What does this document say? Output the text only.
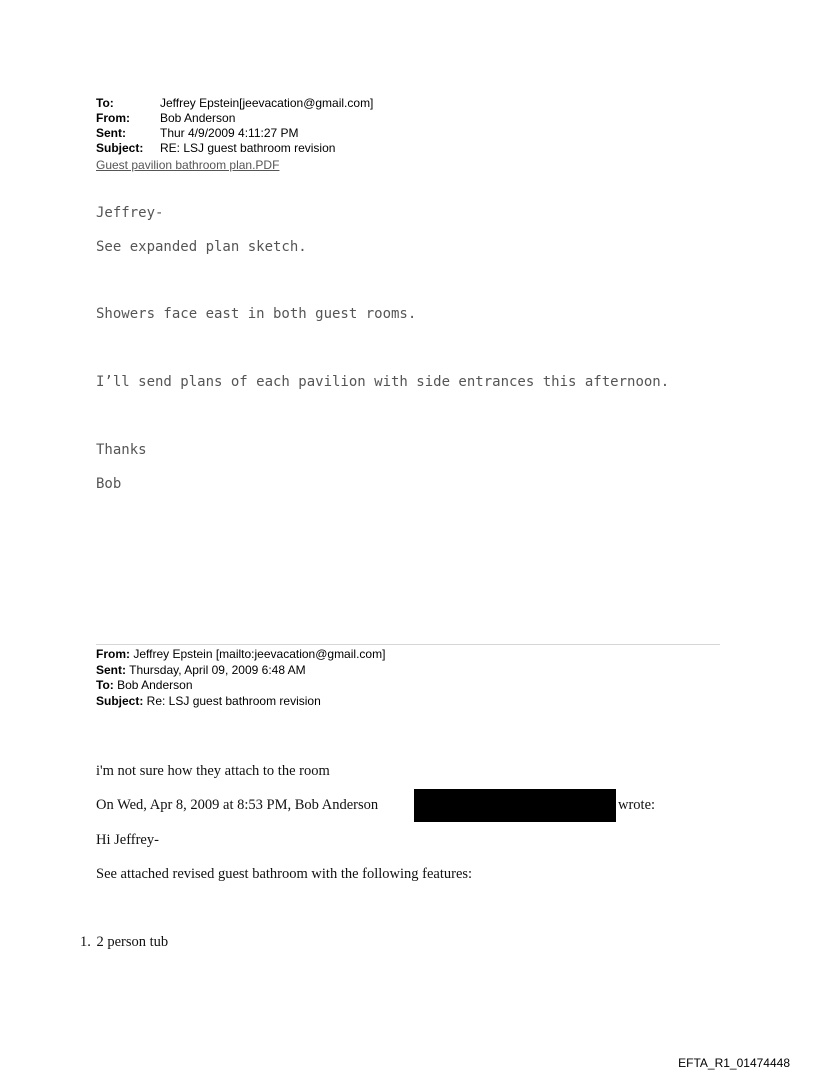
To:	Jeffrey Epstein[jeevacation@gmail.com]
From:	Bob Anderson
Sent:	Thur 4/9/2009 4:11:27 PM
Subject:	RE: LSJ guest bathroom revision
Guest pavilion bathroom plan.PDF
Jeffrey-
See expanded plan sketch.
Showers face east in both guest rooms.
I’ll send plans of each pavilion with side entrances this afternoon.
Thanks
Bob
From: Jeffrey Epstein [mailto:jeevacation@gmail.com]
Sent: Thursday, April 09, 2009 6:48 AM
To: Bob Anderson
Subject: Re: LSJ guest bathroom revision
i'm not sure how they attach to the room
On Wed, Apr 8, 2009 at 8:53 PM, Bob Anderson	wrote:
Hi Jeffrey-
See attached revised guest bathroom with the following features:
1. 2 person tub
EFTA_R1_01474448
